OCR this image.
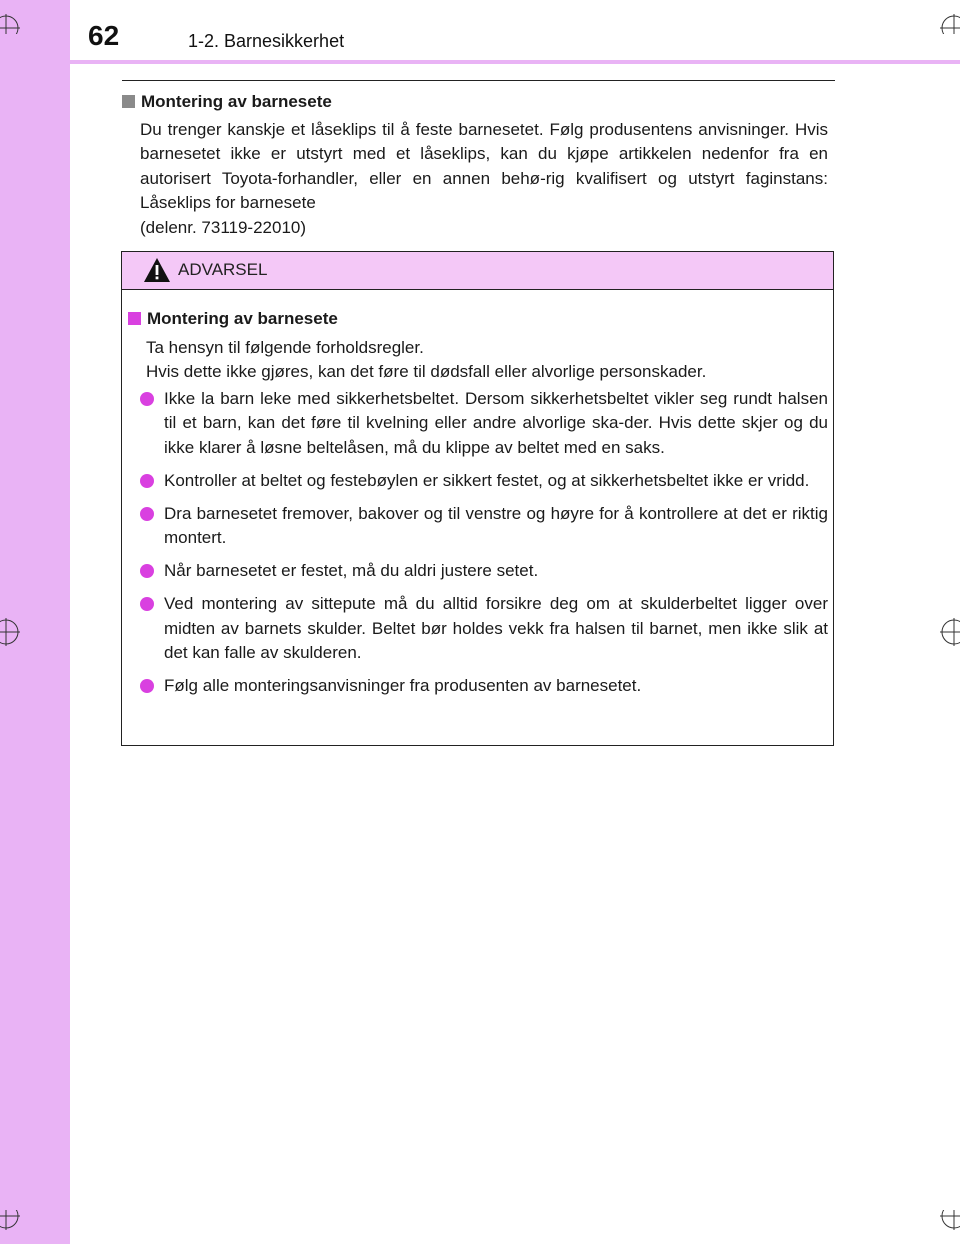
62	1-2. Barnesikkerhet
Montering av barnesete
Du trenger kanskje et låseklips til å feste barnesetet. Følg produsentens anvisninger. Hvis barnesetet ikke er utstyrt med et låseklips, kan du kjøpe artikkelen nedenfor fra en autorisert Toyota-forhandler, eller en annen behø-rig kvalifisert og utstyrt faginstans: Låseklips for barnesete
(delenr. 73119-22010)
ADVARSEL
Montering av barnesete
Ta hensyn til følgende forholdsregler.
Hvis dette ikke gjøres, kan det føre til dødsfall eller alvorlige personskader.
Ikke la barn leke med sikkerhetsbeltet. Dersom sikkerhetsbeltet vikler seg rundt halsen til et barn, kan det føre til kvelning eller andre alvorlige ska-der. Hvis dette skjer og du ikke klarer å løsne beltelåsen, må du klippe av beltet med en saks.
Kontroller at beltet og festebøylen er sikkert festet, og at sikkerhetsbeltet ikke er vridd.
Dra barnesetet fremover, bakover og til venstre og høyre for å kontrollere at det er riktig montert.
Når barnesetet er festet, må du aldri justere setet.
Ved montering av sittepute må du alltid forsikre deg om at skulderbeltet ligger over midten av barnets skulder. Beltet bør holdes vekk fra halsen til barnet, men ikke slik at det kan falle av skulderen.
Følg alle monteringsanvisninger fra produsenten av barnesetet.
